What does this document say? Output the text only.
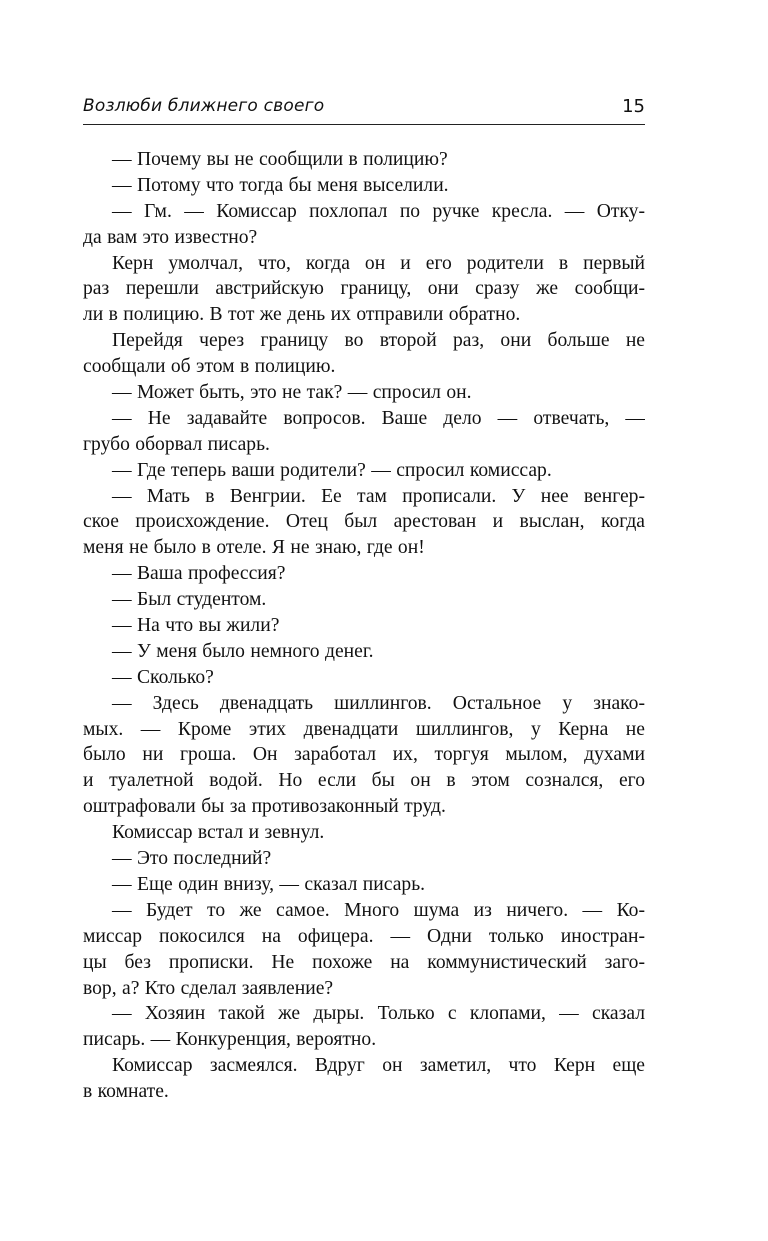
Возлюби ближнего своего	15
— Почему вы не сообщили в полицию?
— Потому что тогда бы меня выселили.
— Гм. — Комиссар похлопал по ручке кресла. — Отку-
да вам это известно?
Керн умолчал, что, когда он и его родители в первый
раз перешли австрийскую границу, они сразу же сообщи-
ли в полицию. В тот же день их отправили обратно.
Перейдя через границу во второй раз, они больше не
сообщали об этом в полицию.
— Может быть, это не так? — спросил он.
— Не задавайте вопросов. Ваше дело — отвечать, —
грубо оборвал писарь.
— Где теперь ваши родители? — спросил комиссар.
— Мать в Венгрии. Ее там прописали. У нее венгер-
ское происхождение. Отец был арестован и выслан, когда
меня не было в отеле. Я не знаю, где он!
— Ваша профессия?
— Был студентом.
— На что вы жили?
— У меня было немного денег.
— Сколько?
— Здесь двенадцать шиллингов. Остальное у знако-
мых. — Кроме этих двенадцати шиллингов, у Керна не
было ни гроша. Он заработал их, торгуя мылом, духами
и туалетной водой. Но если бы он в этом сознался, его
оштрафовали бы за противозаконный труд.
Комиссар встал и зевнул.
— Это последний?
— Еще один внизу, — сказал писарь.
— Будет то же самое. Много шума из ничего. — Ко-
миссар покосился на офицера. — Одни только иностран-
цы без прописки. Не похоже на коммунистический заго-
вор, а? Кто сделал заявление?
— Хозяин такой же дыры. Только с клопами, — сказал
писарь. — Конкуренция, вероятно.
Комиссар засмеялся. Вдруг он заметил, что Керн еще
в комнате.
